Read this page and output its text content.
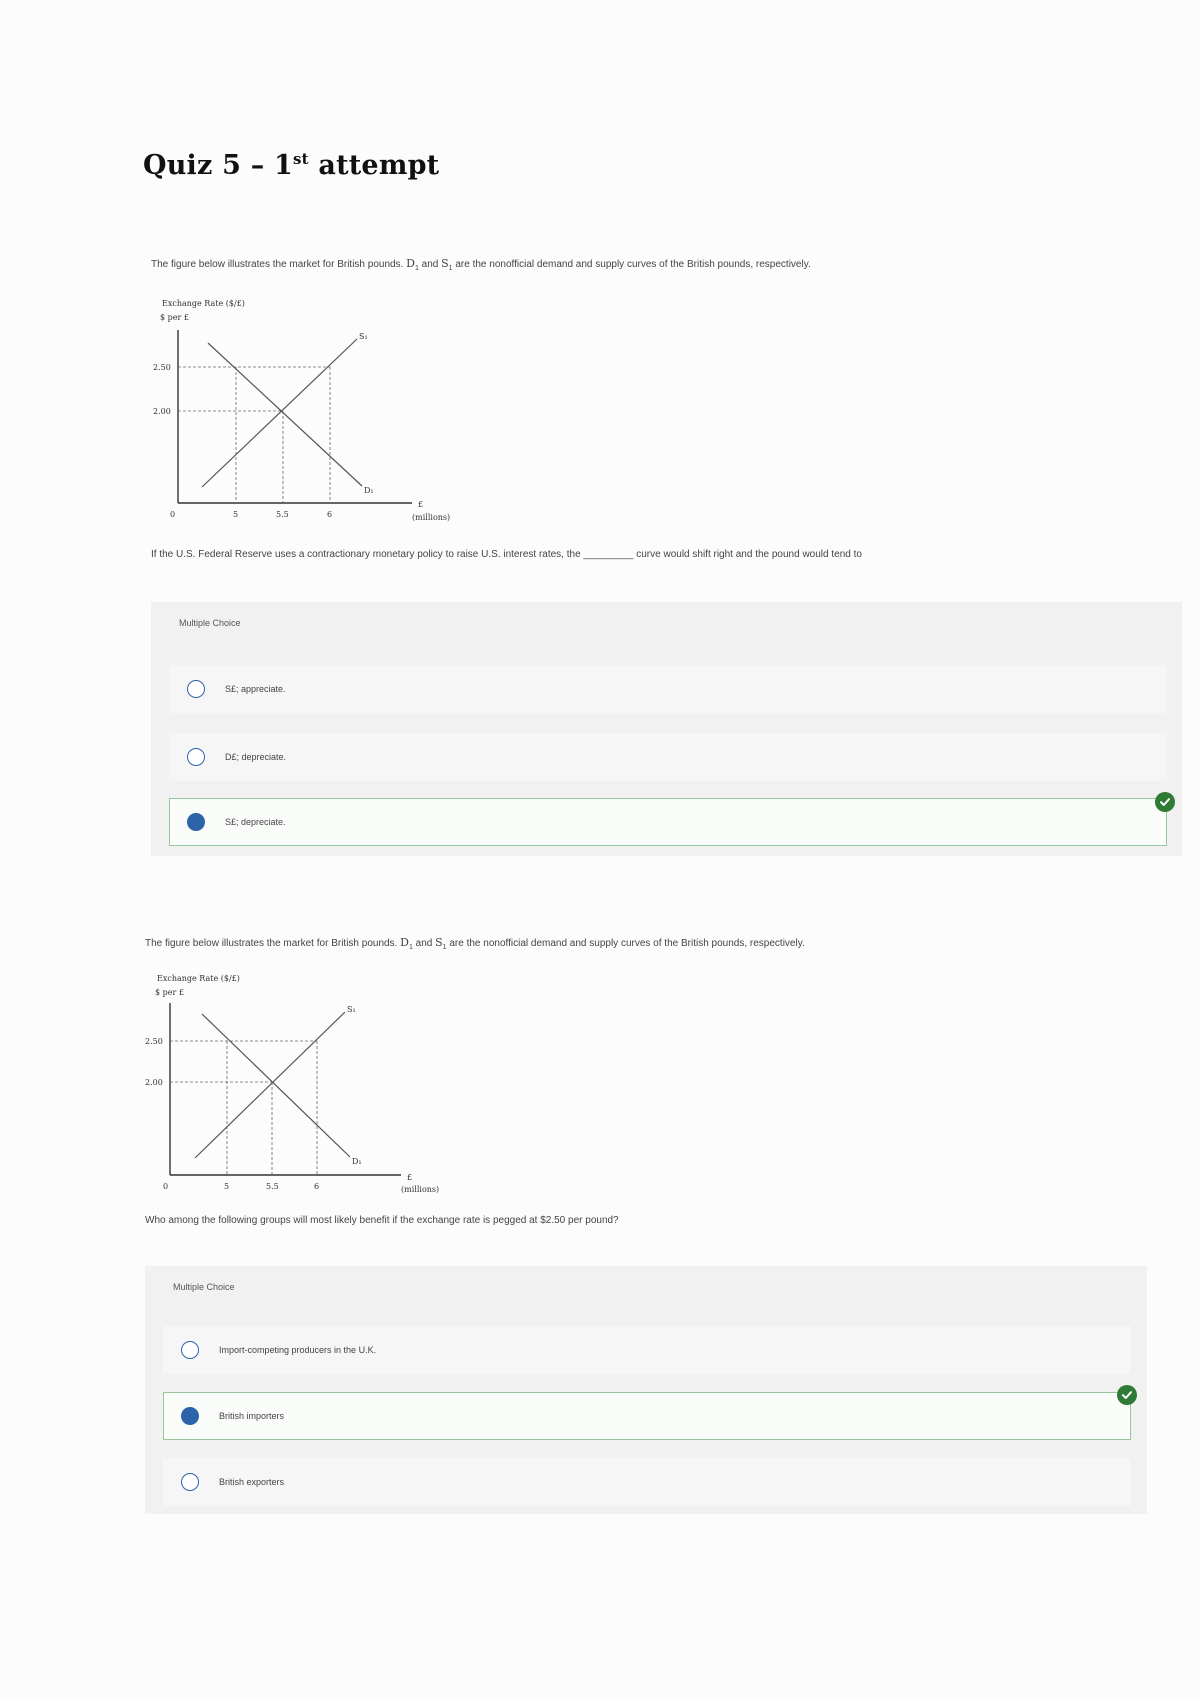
Quiz 5 – 1st attempt

The figure below illustrates the market for British pounds. $D_1$ and $S_1$ are the nonofficial demand and supply curves of the British pounds, respectively.

Exchange Rate ($/£)
$ per £
2.50
2.00
0	5	5.5	6
£
(millions)
S₁
D₁

If the U.S. Federal Reserve uses a contractionary monetary policy to raise U.S. interest rates, the _________ curve would shift right and the pound would tend to

Multiple Choice
S£; appreciate.
D£; depreciate.
S£; depreciate.

The figure below illustrates the market for British pounds. $D_1$ and $S_1$ are the nonofficial demand and supply curves of the British pounds, respectively.

Exchange Rate ($/£)
$ per £
2.50
2.00
0	5	5.5	6
£
(millions)
S₁
D₁

Who among the following groups will most likely benefit if the exchange rate is pegged at $2.50 per pound?

Multiple Choice
Import-competing producers in the U.K.
British importers
British exporters
